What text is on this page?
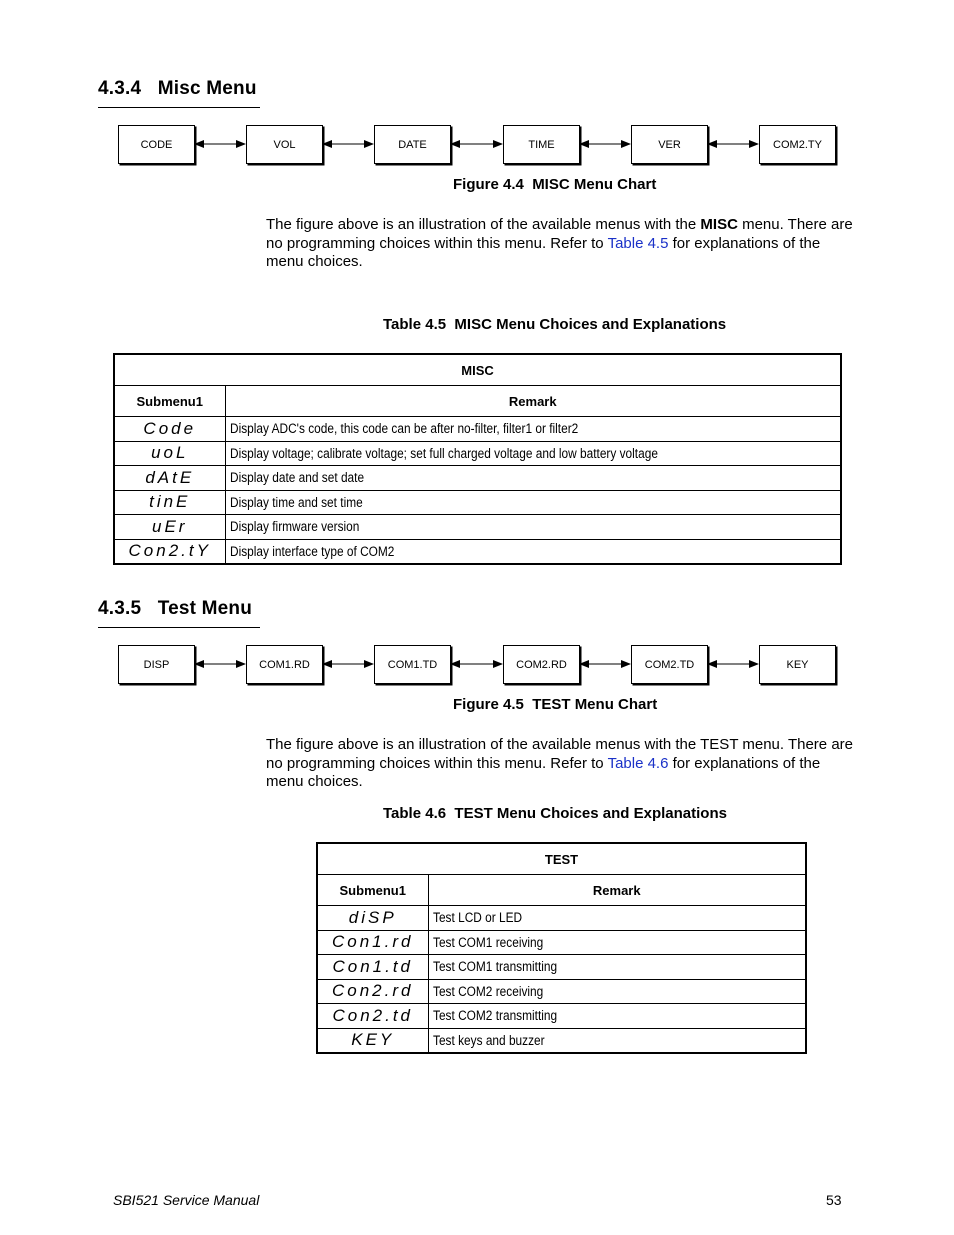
4.3.4   Misc Menu
CODE	VOL	DATE	TIME	VER	COM2.TY
Figure 4.4  MISC Menu Chart
The figure above is an illustration of the available menus with the MISC menu. There are no programming choices within this menu. Refer to Table 4.5 for explanations of the menu choices.
Table 4.5  MISC Menu Choices and Explanations
MISC	
Submenu1	Remark
Code	Display ADC's code, this code can be after no-filter, filter1 or filter2
uoL	Display voltage; calibrate voltage; set full charged voltage and low battery voltage
dAtE	Display date and set date
tinE	Display time and set time
uEr	Display firmware version
Con2.tY	Display interface type of COM2
4.3.5   Test Menu
DISP	COM1.RD	COM1.TD	COM2.RD	COM2.TD	KEY
Figure 4.5  TEST Menu Chart
The figure above is an illustration of the available menus with the TEST menu. There are no programming choices within this menu. Refer to Table 4.6 for explanations of the menu choices.
Table 4.6  TEST Menu Choices and Explanations
TEST	
Submenu1	Remark
diSP	Test LCD or LED
Con1.rd	Test COM1 receiving
Con1.td	Test COM1 transmitting
Con2.rd	Test COM2 receiving
Con2.td	Test COM2 transmitting
KEY	Test keys and buzzer
SBI521 Service Manual	53
